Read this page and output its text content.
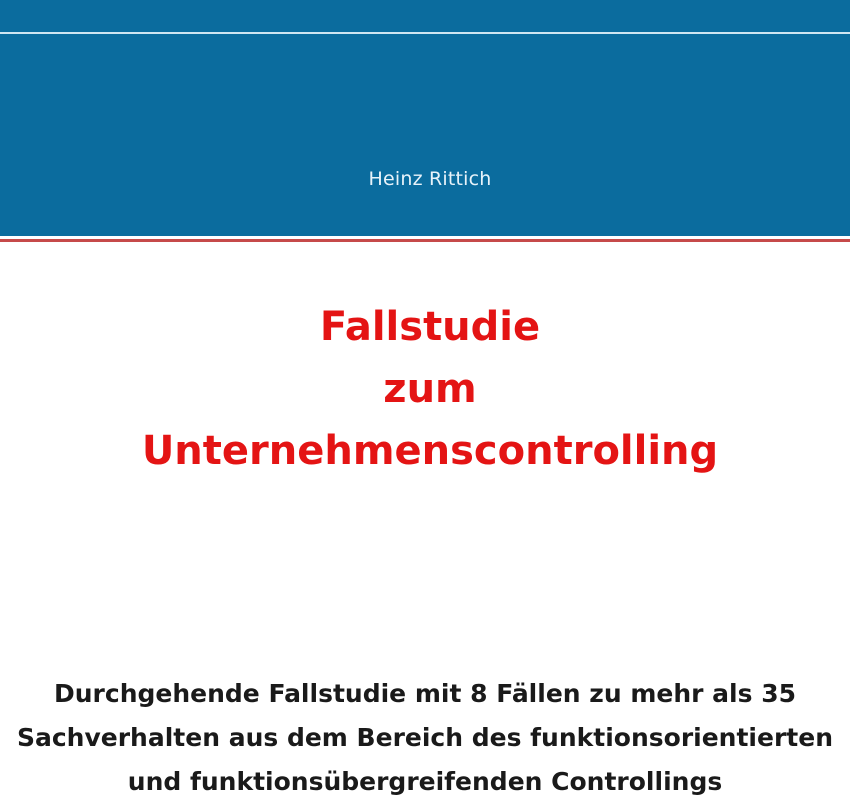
Heinz Rittich
Fallstudie
zum
Unternehmenscontrolling

Durchgehende Fallstudie mit 8 Fällen zu mehr als 35
Sachverhalten aus dem Bereich des funktionsorientierten
und funktionsübergreifenden Controllings
